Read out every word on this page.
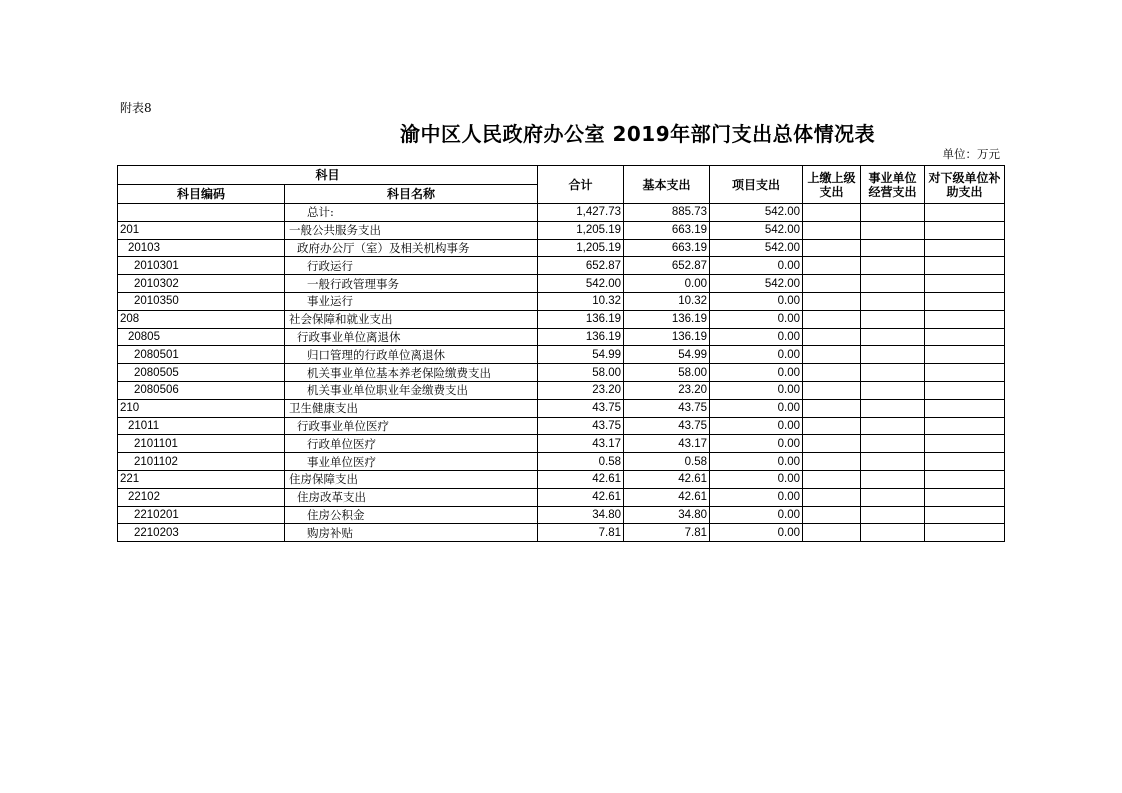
附表8
渝中区人民政府办公室 2019年部门支出总体情况表
单位：万元
科目		合计	基本支出	项目支出	上缴上级支出	事业单位经营支出	对下级单位补助支出
科目编码	科目名称						
	总计:	1,427.73	885.73	542.00			
201	一般公共服务支出	1,205.19	663.19	542.00			
20103	政府办公厅（室）及相关机构事务	1,205.19	663.19	542.00			
2010301	行政运行	652.87	652.87	0.00			
2010302	一般行政管理事务	542.00	0.00	542.00			
2010350	事业运行	10.32	10.32	0.00			
208	社会保障和就业支出	136.19	136.19	0.00			
20805	行政事业单位离退休	136.19	136.19	0.00			
2080501	归口管理的行政单位离退休	54.99	54.99	0.00			
2080505	机关事业单位基本养老保险缴费支出	58.00	58.00	0.00			
2080506	机关事业单位职业年金缴费支出	23.20	23.20	0.00			
210	卫生健康支出	43.75	43.75	0.00			
21011	行政事业单位医疗	43.75	43.75	0.00			
2101101	行政单位医疗	43.17	43.17	0.00			
2101102	事业单位医疗	0.58	0.58	0.00			
221	住房保障支出	42.61	42.61	0.00			
22102	住房改革支出	42.61	42.61	0.00			
2210201	住房公积金	34.80	34.80	0.00			
2210203	购房补贴	7.81	7.81	0.00			
